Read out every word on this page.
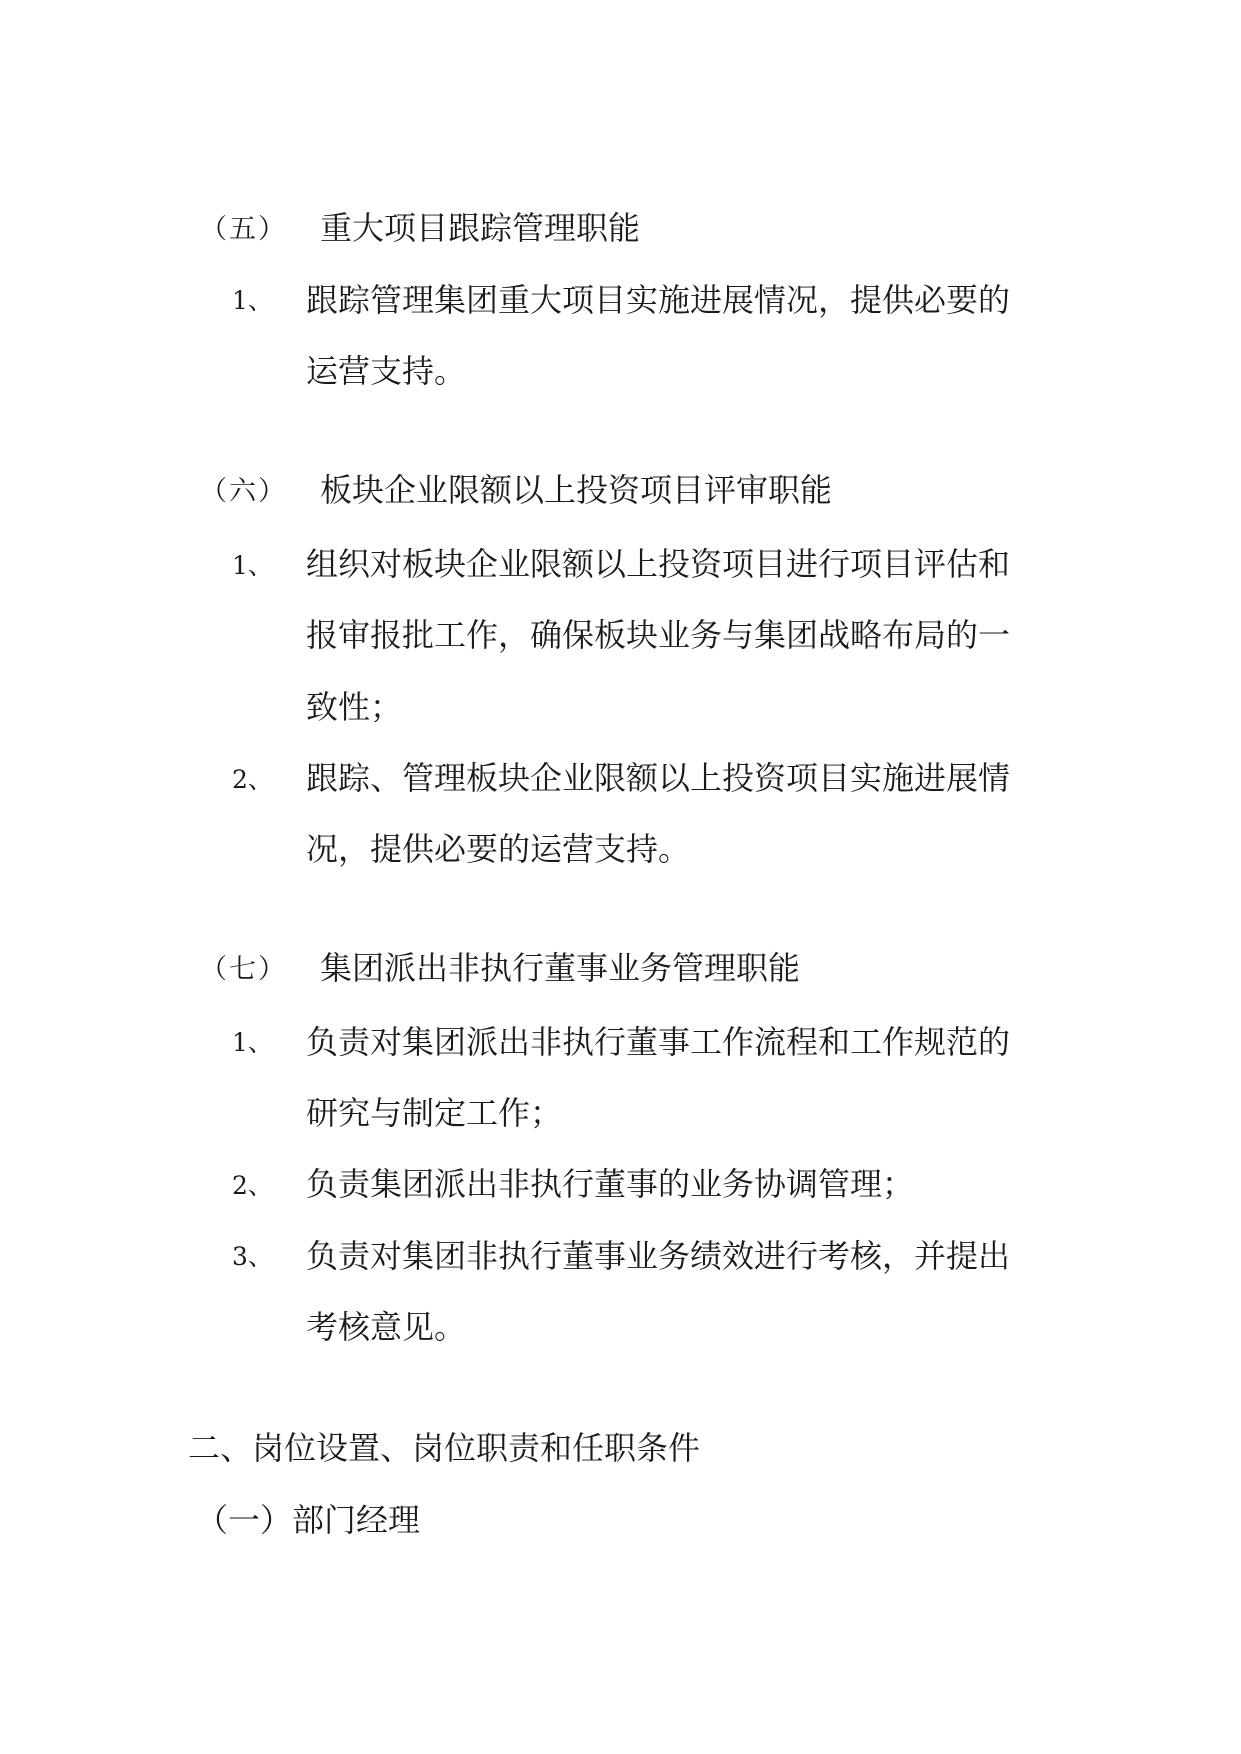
（五） 重大项目跟踪管理职能
1、 跟踪管理集团重大项目实施进展情况，提供必要的
运营支持。
（六） 板块企业限额以上投资项目评审职能
1、 组织对板块企业限额以上投资项目进行项目评估和
报审报批工作，确保板块业务与集团战略布局的一
致性；
2、 跟踪、管理板块企业限额以上投资项目实施进展情
况，提供必要的运营支持。
（七） 集团派出非执行董事业务管理职能
1、 负责对集团派出非执行董事工作流程和工作规范的
研究与制定工作；
2、 负责集团派出非执行董事的业务协调管理；
3、 负责对集团非执行董事业务绩效进行考核，并提出
考核意见。
二、岗位设置、岗位职责和任职条件
（一）部门经理
